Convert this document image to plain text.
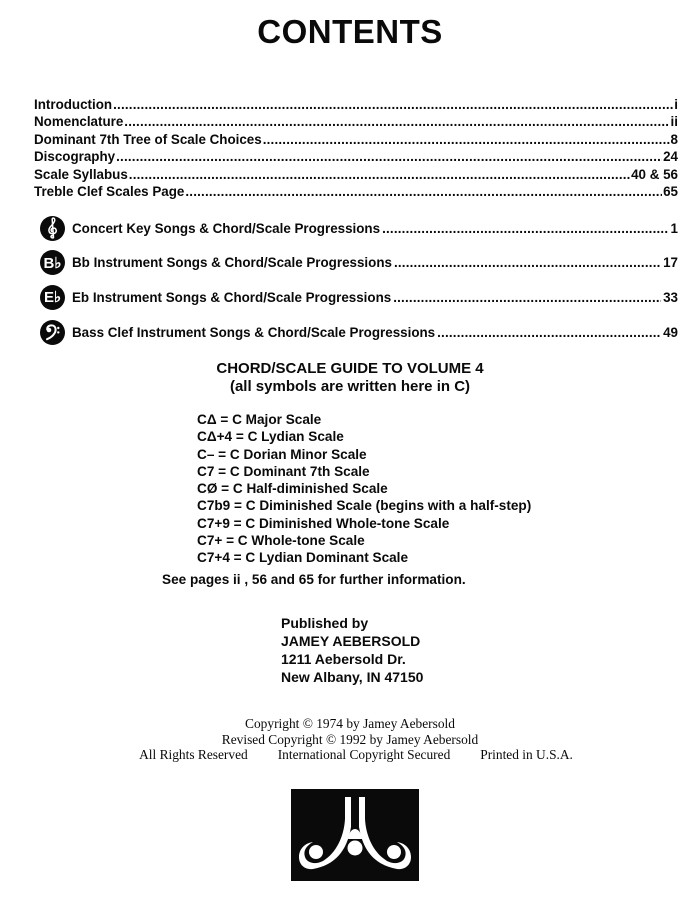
CONTENTS
Introduction .....	i
Nomenclature .....	ii
Dominant 7th Tree of Scale Choices .....	8
Discography .....	24
Scale Syllabus .....	40 & 56
Treble Clef Scales Page .....	65
Concert Key Songs & Chord/Scale Progressions .....	1
B♭ Bb Instrument Songs & Chord/Scale Progressions .....	17
E♭ Eb Instrument Songs & Chord/Scale Progressions .....	33
Bass Clef Instrument Songs & Chord/Scale Progressions .....	49
CHORD/SCALE GUIDE TO VOLUME 4
(all symbols are written here in C)
CΔ = C Major Scale
CΔ+4 = C Lydian Scale
C– = C Dorian Minor Scale
C7 = C Dominant 7th Scale
CØ = C Half-diminished Scale
C7b9 = C Diminished Scale (begins with a half-step)
C7+9 = C Diminished Whole-tone Scale
C7+ = C Whole-tone Scale
C7+4 = C Lydian Dominant Scale
See pages ii , 56 and 65 for further information.
Published by
JAMEY AEBERSOLD
1211 Aebersold Dr.
New Albany, IN 47150
Copyright © 1974 by Jamey Aebersold
Revised Copyright © 1992 by Jamey Aebersold
All Rights Reserved International Copyright Secured Printed in U.S.A.
